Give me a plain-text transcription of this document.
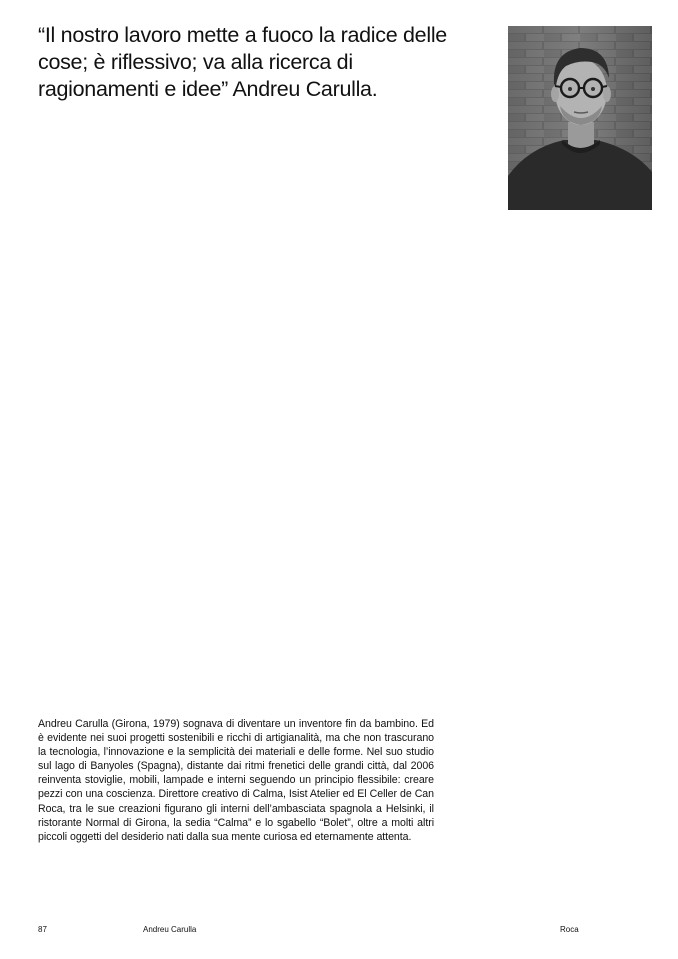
“Il nostro lavoro mette a fuoco la radice delle cose; è riflessivo; va alla ricerca di ragionamenti e idee” Andreu Carulla.

Andreu Carulla (Girona, 1979) sognava di diventare un inventore fin da bambino. Ed è evidente nei suoi progetti sostenibili e ricchi di artigianalità, ma che non trascurano la tecnologia, l’innovazione e la semplicità dei materiali e delle forme. Nel suo studio sul lago di Banyoles (Spagna), distante dai ritmi frenetici delle grandi città, dal 2006 reinventa stoviglie, mobili, lampade e interni seguendo un principio flessibile: creare pezzi con una coscienza. Direttore creativo di Calma, Isist Atelier ed El Celler de Can Roca, tra le sue creazioni figurano gli interni dell’ambasciata spagnola a Helsinki, il ristorante Normal di Girona, la sedia “Calma” e lo sgabello “Bolet”, oltre a molti altri piccoli oggetti del desiderio nati dalla sua mente curiosa ed eternamente attenta.

87	Andreu Carulla	Roca
